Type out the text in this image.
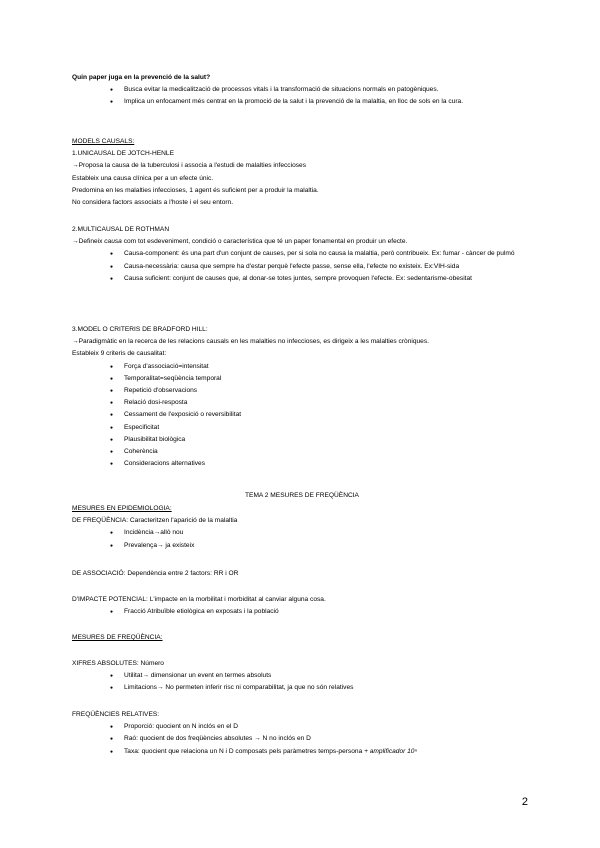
Quin paper juga en la prevenció de la salut?

● Busca evitar la medicalització de processos vitals i la transformació de situacions normals en patogèniques.
● Implica un enfocament més centrat en la promoció de la salut i la prevenció de la malaltia, en lloc de sols en la cura.

MODELS CAUSALS:

1.UNICAUSAL DE JOTCH-HENLE

→Proposa la causa de la tuberculosi i associa a l'estudi de malalties infeccioses

Estableix una causa clínica per a un efecte únic.

Predomina en les malalties infeccioses, 1 agent és suficient per a produir la malaltia.

No considera factors associats a l'hoste i el seu entorn.

2.MULTICAUSAL DE ROTHMAN

→Defineix causa com tot esdeveniment, condició o característica que té un paper fonamental en produir un efecte.

● Causa-component: és una part d'un conjunt de causes, per si sola no causa la malaltia, però contribueix. Ex: fumar - càncer de pulmó
● Causa-necessària: causa que sempre ha d'estar perquè l'efecte passe, sense ella, l'efecte no existeix. Ex:VIH-sida
● Causa suficient: conjunt de causes que, al donar-se totes juntes, sempre provoquen l'efecte. Ex: sedentarisme-obesitat

3.MODEL O CRITERIS DE BRADFORD HILL:

→Paradigmàtic en la recerca de les relacions causals en les malalties no infeccioses, es dirigeix a les malalties cròniques.

Estableix 9 criteris de causalitat:

● Força d'associació=intensitat
● Temporalitat=seqüència temporal
● Repetició d'observacions
● Relació dosi-resposta
● Cessament de l'exposició o reversibilitat
● Especificitat
● Plausibilitat biològica
● Coherència
● Consideracions alternatives

TEMA 2 MESURES DE FREQÜÈNCIA

MESURES EN EPIDEMIOLOGIA:

DE FREQÜÈNCIA: Caracteritzen l'aparició de la malaltia

● Incidència→allò nou
● Prevalença→ ja existeix

DE ASSOCIACIÓ: Dependència entre 2 factors: RR i OR

D'IMPACTE POTENCIAL: L'impacte en la morbilitat i morbiditat al canviar alguna cosa.

● Fracció Atribuïble etiològica en exposats i la població

MESURES DE FREQÜÈNCIA:

XIFRES ABSOLUTES: Número

● Utilitat→ dimensionar un event en termes absoluts
● Limitacions→ No permeten inferir risc ni comparabilitat, ja que no són relatives

FREQÜÈNCIES RELATIVES:

● Proporció: quocient on N inclós en el D
● Raó: quocient de dos freqüències absolutes → N no inclós en D
● Taxa: quocient que relaciona un N i D composats pels paràmetres temps-persona + amplificador 10ⁿ
2
